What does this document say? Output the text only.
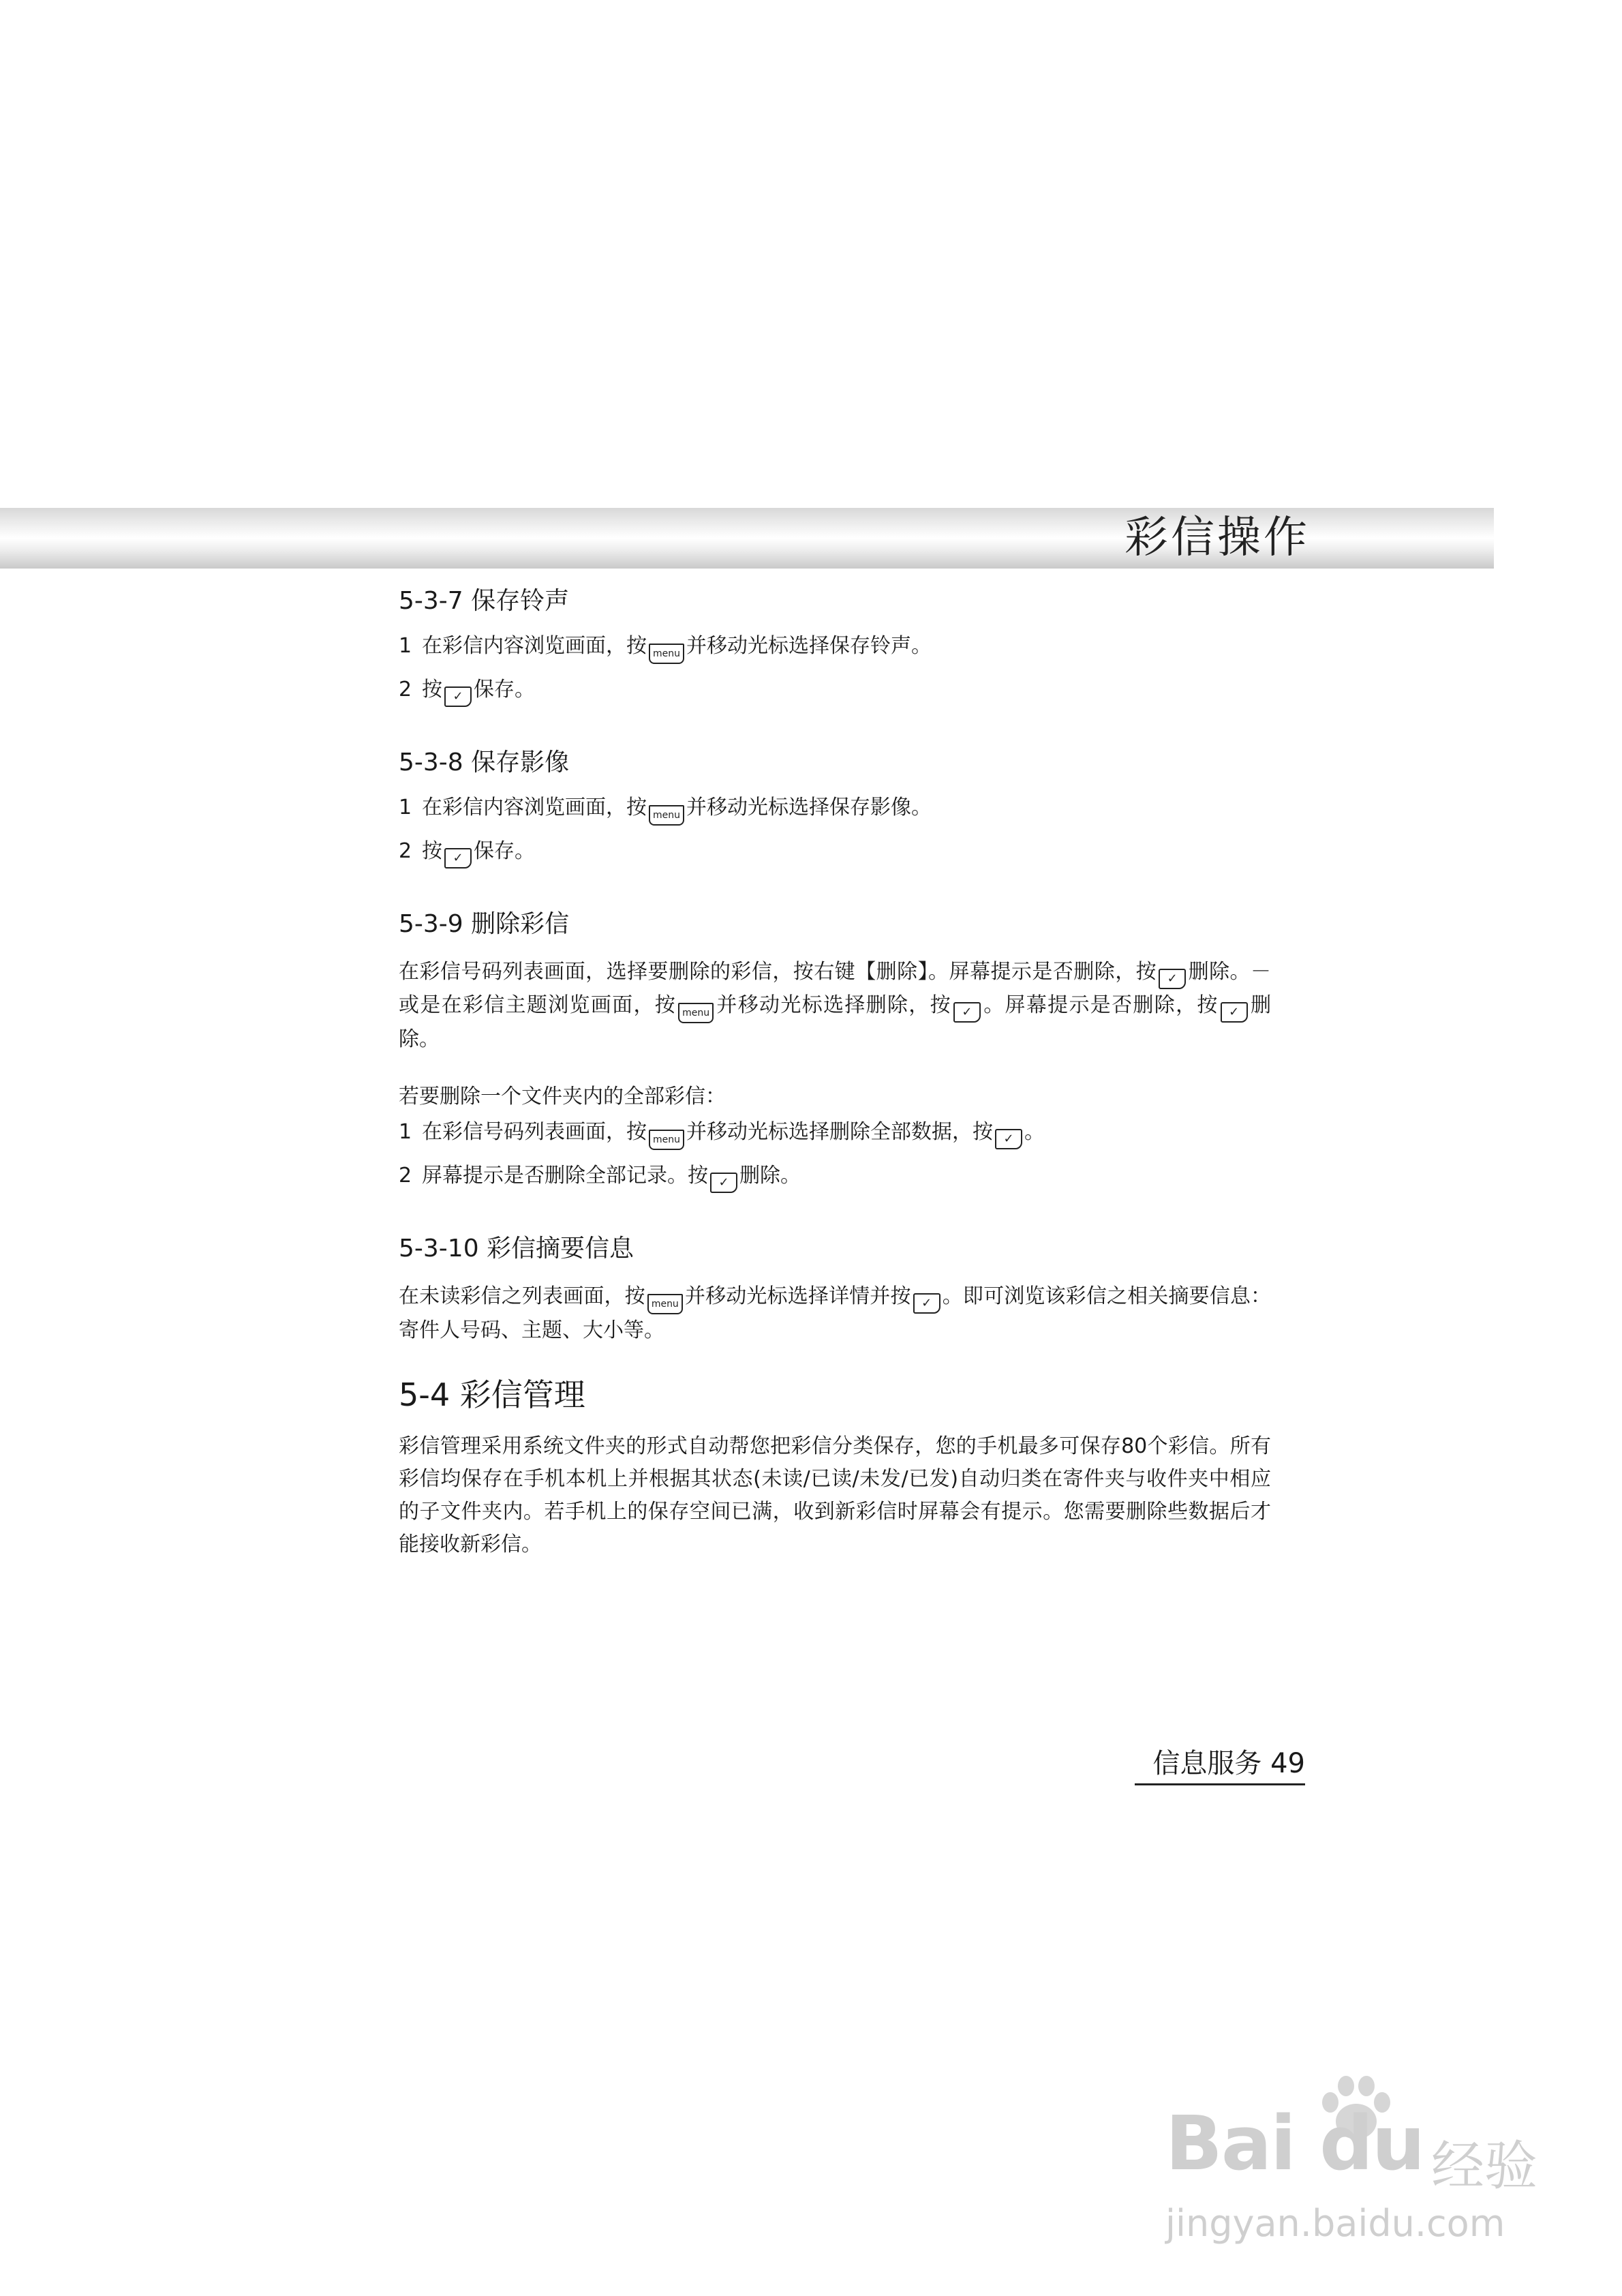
彩信操作
5-3-7 保存铃声
1 在彩信内容浏览画面，按 menu 并移动光标选择保存铃声。
2 按 ✓ 保存。
5-3-8 保存影像
1 在彩信内容浏览画面，按 menu 并移动光标选择保存影像。
2 按 ✓ 保存。
5-3-9 删除彩信

在彩信号码列表画面，选择要删除的彩信，按右键【删除】。屏幕提示是否删除，按 ✓ 删除。－或是在彩信主题浏览画面，按 menu 并移动光标选择删除，按 ✓ 。屏幕提示是否删除，按 ✓ 删除。

若要删除一个文件夹内的全部彩信：
1 在彩信号码列表画面，按 menu 并移动光标选择删除全部数据，按 ✓ 。
2 屏幕提示是否删除全部记录。按 ✓ 删除。
5-3-10 彩信摘要信息

在未读彩信之列表画面，按 menu 并移动光标选择详情并按 ✓ 。即可浏览该彩信之相关摘要信息：寄件人号码、主题、大小等。

5-4 彩信管理

彩信管理采用系统文件夹的形式自动帮您把彩信分类保存，您的手机最多可保存80个彩信。所有彩信均保存在手机本机上并根据其状态(未读/已读/未发/已发)自动归类在寄件夹与收件夹中相应的子文件夹内。若手机上的保存空间已满，收到新彩信时屏幕会有提示。您需要删除些数据后才能接收新彩信。

信息服务 49
Bai du 经验
jingyan.baidu.com
